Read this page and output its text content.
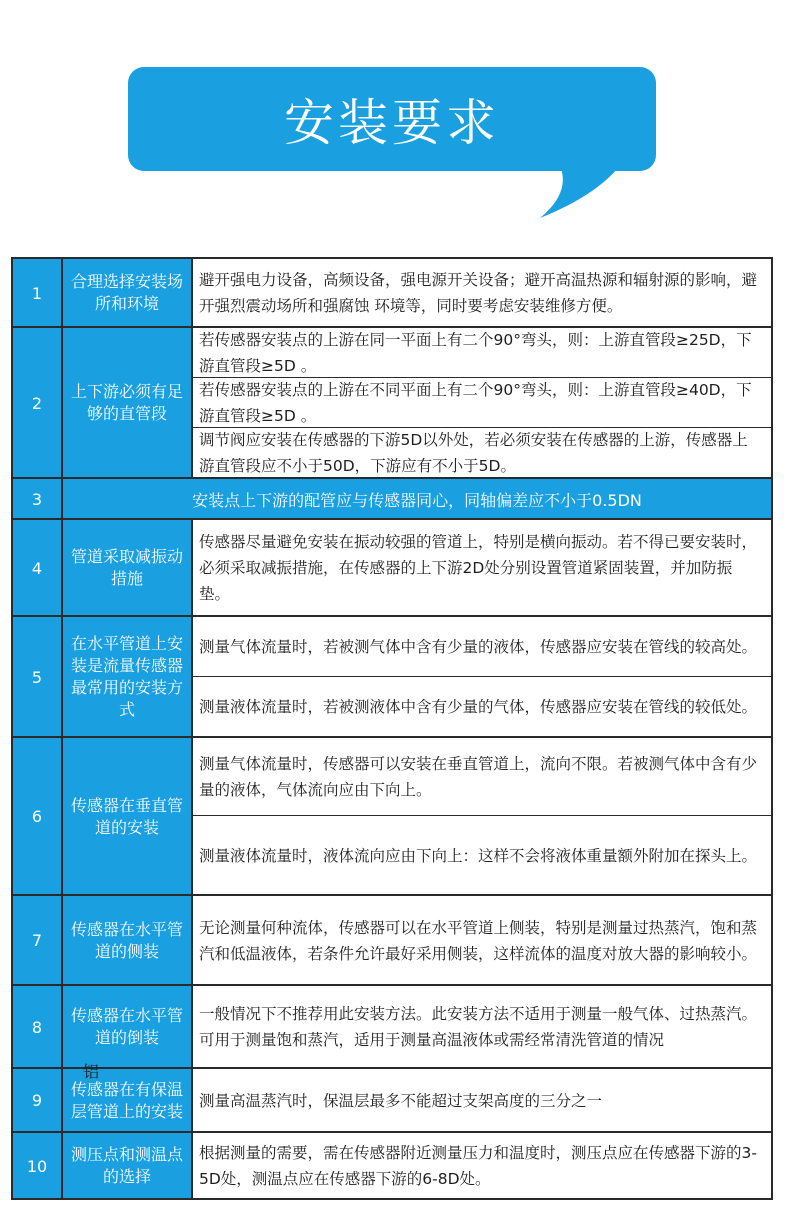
安装要求
1
合理选择安装场所和环境
避开强电力设备，高频设备，强电源开关设备；避开高温热源和辐射源的影响，避开强烈震动场所和强腐蚀 环境等，同时要考虑安装维修方便。
2
上下游必须有足够的直管段
若传感器安装点的上游在同一平面上有二个90°弯头，则：上游直管段≥25D，下游直管段≥5D 。
若传感器安装点的上游在不同平面上有二个90°弯头，则：上游直管段≥40D，下游直管段≥5D 。
调节阀应安装在传感器的下游5D以外处，若必须安装在传感器的上游，传感器上游直管段应不小于50D，下游应有不小于5D。
3	安装点上下游的配管应与传感器同心，同轴偏差应不小于0.5DN
4
管道采取减振动措施
传感器尽量避免安装在振动较强的管道上，特别是横向振动。若不得已要安装时，必须采取减振措施，在传感器的上下游2D处分别设置管道紧固装置，并加防振垫。
5
在水平管道上安装是流量传感器最常用的安装方式
测量气体流量时，若被测气体中含有少量的液体，传感器应安装在管线的较高处。
测量液体流量时，若被测液体中含有少量的气体，传感器应安装在管线的较低处。
6
传感器在垂直管道的安装
测量气体流量时，传感器可以安装在垂直管道上，流向不限。若被测气体中含有少量的液体，气体流向应由下向上。
测量液体流量时，液体流向应由下向上：这样不会将液体重量额外附加在探头上。
7
传感器在水平管道的侧装
无论测量何种流体，传感器可以在水平管道上侧装，特别是测量过热蒸汽，饱和蒸汽和低温液体，若条件允许最好采用侧装，这样流体的温度对放大器的影响较小。
8
传感器在水平管道的倒装
一般情况下不推荐用此安装方法。此安装方法不适用于测量一般气体、过热蒸汽。可用于测量饱和蒸汽，适用于测量高温液体或需经常清洗管道的情况
9
传感器在有保温层管道上的安装
铝
测量高温蒸汽时，保温层最多不能超过支架高度的三分之一
10
测压点和测温点的选择
根据测量的需要，需在传感器附近测量压力和温度时，测压点应在传感器下游的3-5D处，测温点应在传感器下游的6-8D处。
